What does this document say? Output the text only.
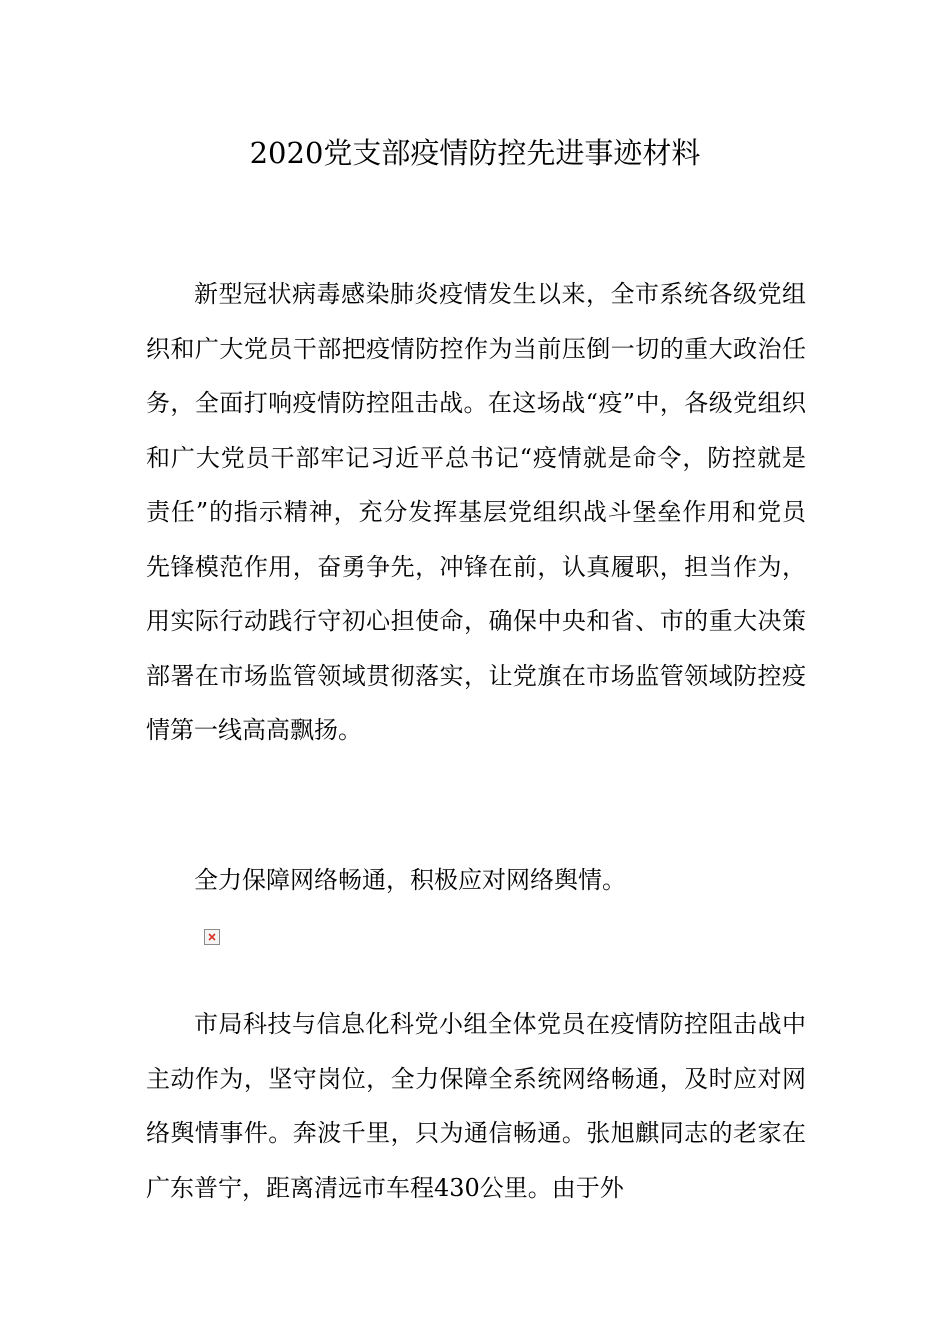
2020党支部疫情防控先进事迹材料

新型冠状病毒感染肺炎疫情发生以来，全市系统各级党组织和广大党员干部把疫情防控作为当前压倒一切的重大政治任务，全面打响疫情防控阻击战。在这场战“疫”中，各级党组织和广大党员干部牢记习近平总书记“疫情就是命令，防控就是责任”的指示精神，充分发挥基层党组织战斗堡垒作用和党员先锋模范作用，奋勇争先，冲锋在前，认真履职，担当作为，用实际行动践行守初心担使命，确保中央和省、市的重大决策部署在市场监管领域贯彻落实，让党旗在市场监管领域防控疫情第一线高高飘扬。

全力保障网络畅通，积极应对网络舆情。

市局科技与信息化科党小组全体党员在疫情防控阻击战中主动作为，坚守岗位，全力保障全系统网络畅通，及时应对网络舆情事件。奔波千里，只为通信畅通。张旭麒同志的老家在广东普宁，距离清远市车程430公里。由于外
